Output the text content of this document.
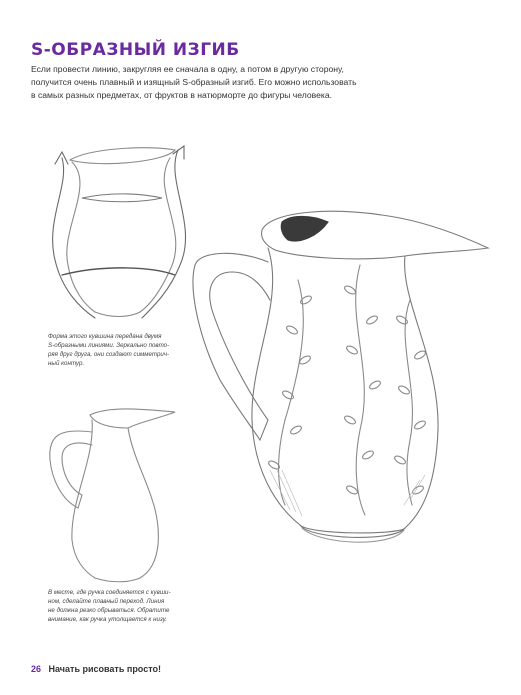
S-ОБРАЗНЫЙ ИЗГИБ
Если провести линию, закругляя ее сначала в одну, а потом в другую сторону,
получится очень плавный и изящный S-образный изгиб. Его можно использовать
в самых разных предметах, от фруктов в натюрморте до фигуры человека.
Форма этого кувшина передана двумя
S-образными линиями. Зеркально повто-
ряя друг друга, они создают симметрич-
ный контур.
В месте, где ручка соединяется с кувши-
ном, сделайте плавный переход. Линия
не должна резко обрываться. Обратите
внимание, как ручка утолщается к низу.
26 Начать рисовать просто!
